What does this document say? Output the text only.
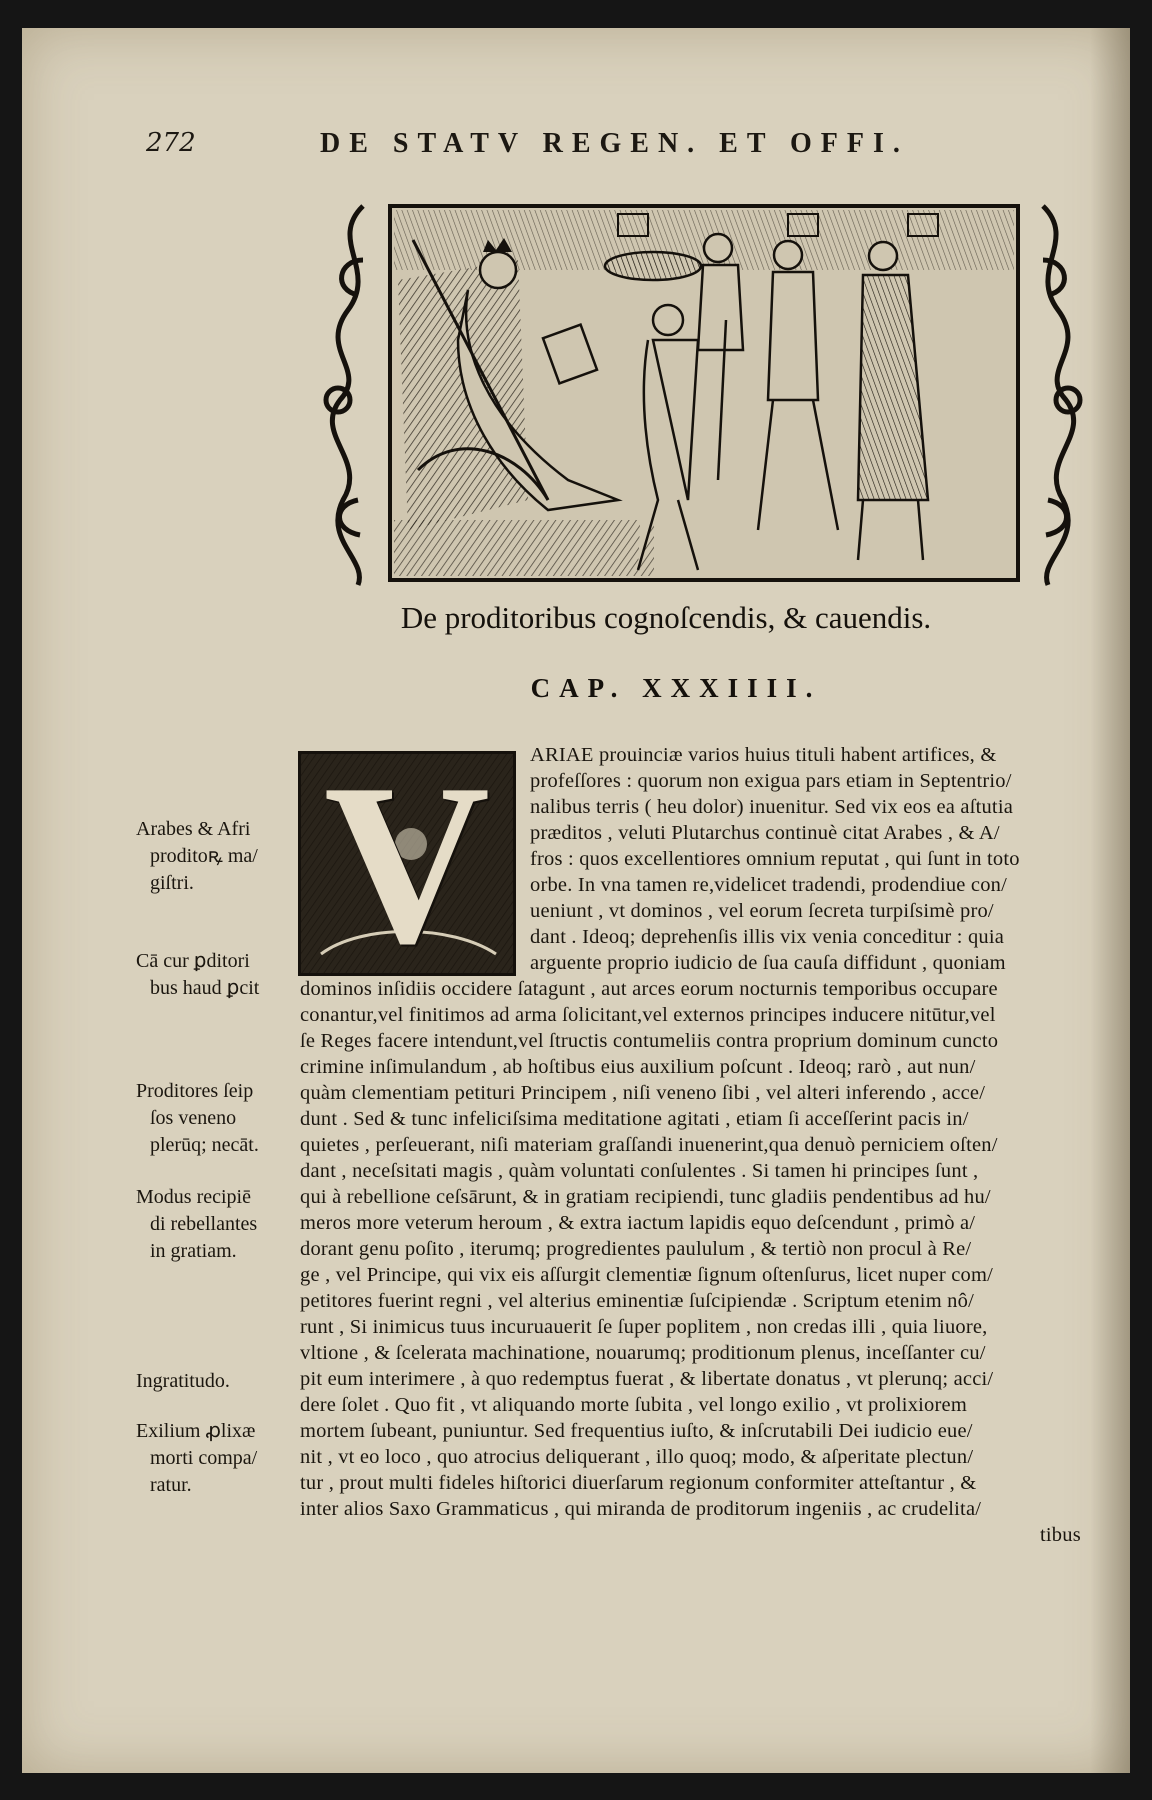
272	DE STATV REGEN. ET OFFI.
De proditoribus cognoſcendis, & cauendis.
CAP. XXXIIII.
V ARIAE prouinciæ varios huius tituli habent artifices, &
profeſſores : quorum non exigua pars etiam in Septentrio/
nalibus terris ( heu dolor) inuenitur. Sed vix eos ea aſtutia
præditos , veluti Plutarchus continuè citat Arabes , & A/
fros : quos excellentiores omnium reputat , qui ſunt in toto
orbe. In vna tamen re,videlicet tradendi, prodendiue con/
ueniunt , vt dominos , vel eorum ſecreta turpiſsimè pro/
dant . Ideoq; deprehenſis illis vix venia conceditur : quia
arguente proprio iudicio de ſua cauſa diffidunt , quoniam
dominos inſidiis occidere ſatagunt , aut arces eorum nocturnis temporibus occupare
conantur,vel finitimos ad arma ſolicitant,vel externos principes inducere nitūtur,vel
ſe Reges facere intendunt,vel ſtructis contumeliis contra proprium dominum cuncto
crimine inſimulandum , ab hoſtibus eius auxilium poſcunt . Ideoq; rarò , aut nun/
quàm clementiam petituri Principem , niſi veneno ſibi , vel alteri inferendo , acce/
dunt . Sed & tunc infeliciſsima meditatione agitati , etiam ſi acceſſerint pacis in/
quietes , perſeuerant, niſi materiam graſſandi inuenerint,qua denuò perniciem oſten/
dant , neceſsitati magis , quàm voluntati conſulentes . Si tamen hi principes ſunt ,
qui à rebellione ceſsārunt, & in gratiam recipiendi, tunc gladiis pendentibus ad hu/
meros more veterum heroum , & extra iactum lapidis equo deſcendunt , primò a/
dorant genu poſito , iterumq; progredientes paululum , & tertiò non procul à Re/
ge , vel Principe, qui vix eis aſſurgit clementiæ ſignum oſtenſurus, licet nuper com/
petitores fuerint regni , vel alterius eminentiæ ſuſcipiendæ . Scriptum etenim nô/
runt , Si inimicus tuus incuruauerit ſe ſuper poplitem , non credas illi , quia liuore,
vltione , & ſcelerata machinatione, nouarumq; proditionum plenus, inceſſanter cu/
pit eum interimere , à quo redemptus fuerat , & libertate donatus , vt plerunq; acci/
dere ſolet . Quo fit , vt aliquando morte ſubita , vel longo exilio , vt prolixiorem
mortem ſubeant, puniuntur. Sed frequentius iuſto, & inſcrutabili Dei iudicio eue/
nit , vt eo loco , quo atrocius deliquerant , illo quoq; modo, & aſperitate plectun/
tur , prout multi fideles hiſtorici diuerſarum regionum conformiter atteſtantur , &
inter alios Saxo Grammaticus , qui miranda de proditorum ingeniis , ac crudelita/
tibus
Arabes & Afri
proditoꝶ ma/
giſtri.
Cā cur ꝑditori
bus haud ꝑcit
Proditores ſeip
ſos veneno
plerūq; necāt.
Modus recipiē
di rebellantes
in gratiam.
Ingratitudo.
Exilium ꝓlixæ
morti compa/
ratur.
